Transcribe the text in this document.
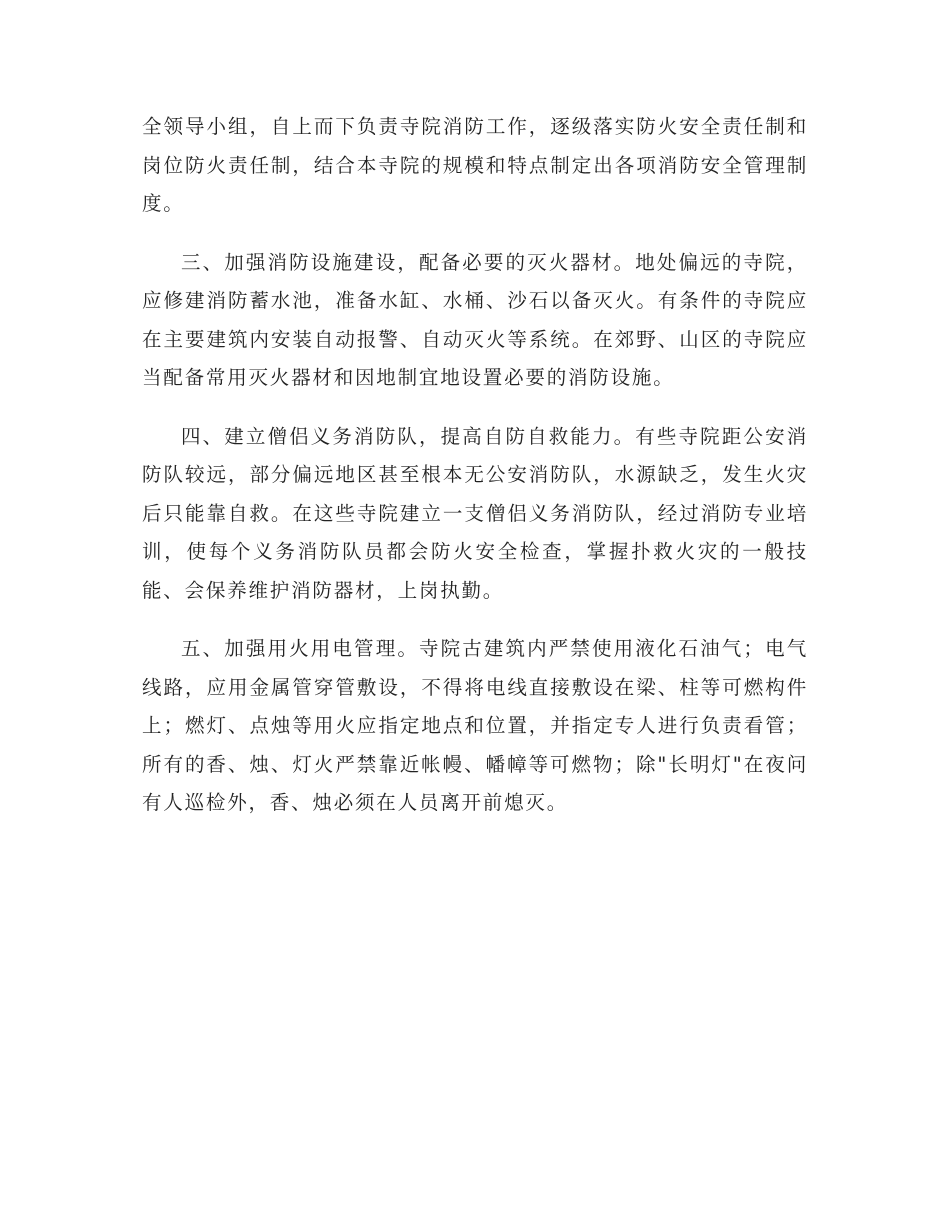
全领导小组，自上而下负责寺院消防工作，逐级落实防火安全责任制和岗位防火责任制，结合本寺院的规模和特点制定出各项消防安全管理制度。

三、加强消防设施建设，配备必要的灭火器材。地处偏远的寺院，应修建消防蓄水池，准备水缸、水桶、沙石以备灭火。有条件的寺院应在主要建筑内安装自动报警、自动灭火等系统。在郊野、山区的寺院应当配备常用灭火器材和因地制宜地设置必要的消防设施。

四、建立僧侣义务消防队，提高自防自救能力。有些寺院距公安消防队较远，部分偏远地区甚至根本无公安消防队，水源缺乏，发生火灾后只能靠自救。在这些寺院建立一支僧侣义务消防队，经过消防专业培训，使每个义务消防队员都会防火安全检查，掌握扑救火灾的一般技能、会保养维护消防器材，上岗执勤。

五、加强用火用电管理。寺院古建筑内严禁使用液化石油气；电气线路，应用金属管穿管敷设，不得将电线直接敷设在梁、柱等可燃构件上；燃灯、点烛等用火应指定地点和位置，并指定专人进行负责看管；所有的香、烛、灯火严禁靠近帐幔、幡幛等可燃物；除"长明灯"在夜问有人巡检外，香、烛必须在人员离开前熄灭。
